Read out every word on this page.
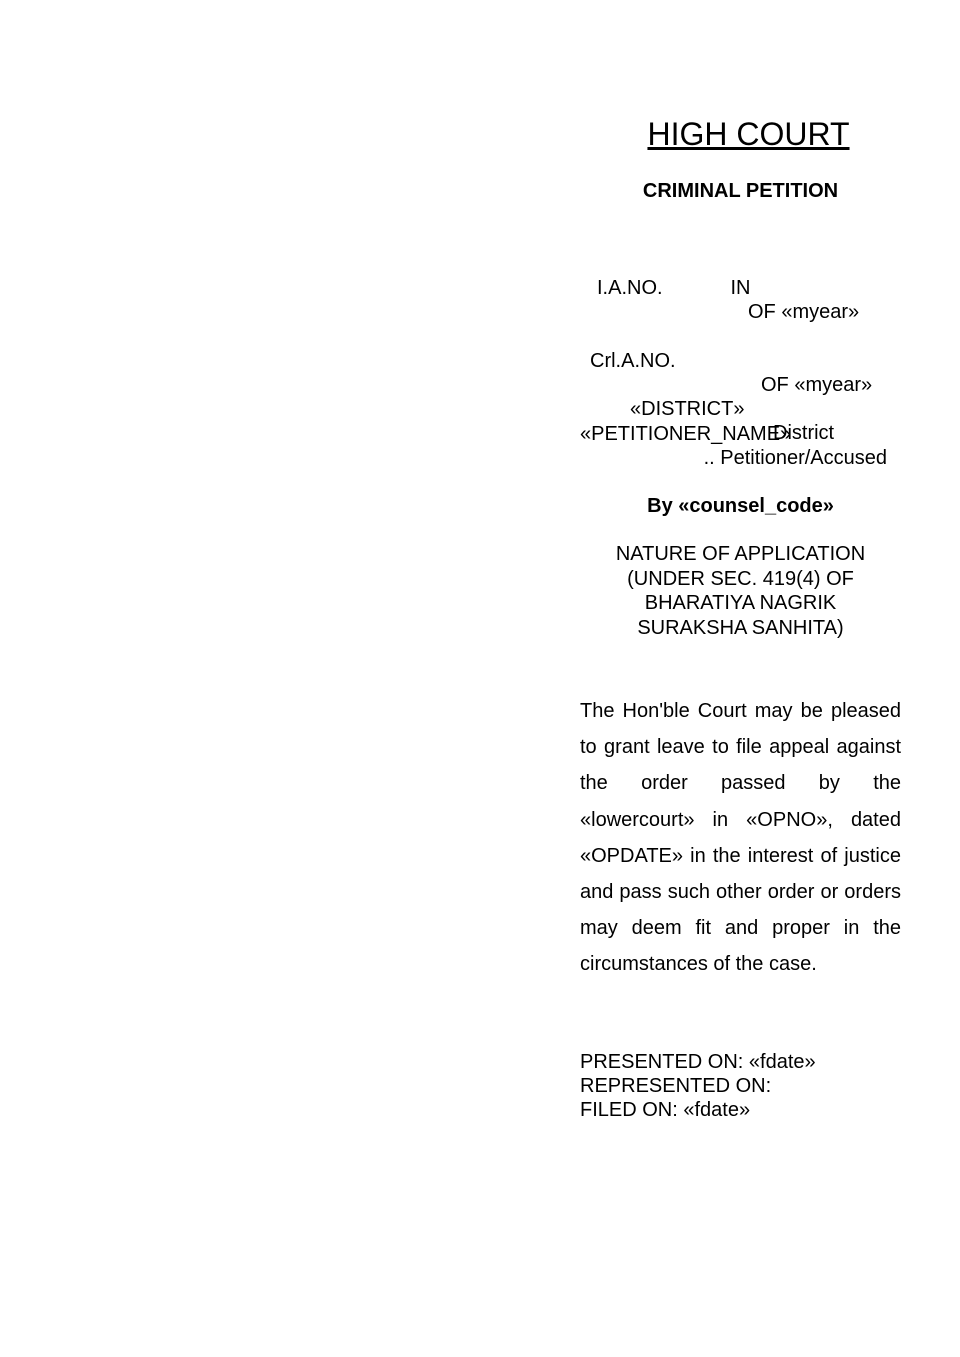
HIGH COURT
CRIMINAL PETITION

I.A.NO.

OF «myear»

IN

Crl.A.NO.

OF «myear»

«DISTRICT»

District

«PETITIONER_NAME»
.. Petitioner/Accused
By «counsel_code»
NATURE OF APPLICATION
(UNDER SEC. 419(4) OF
BHARATIYA NAGRIK
SURAKSHA SANHITA)
The Hon'ble Court may be pleased to grant leave to file appeal against the order passed by the «lowercourt» in «OPNO», dated «OPDATE» in the interest of justice and pass such other order or orders may deem fit and proper in the circumstances of the case.
PRESENTED ON: «fdate»
REPRESENTED ON:
FILED ON: «fdate»
